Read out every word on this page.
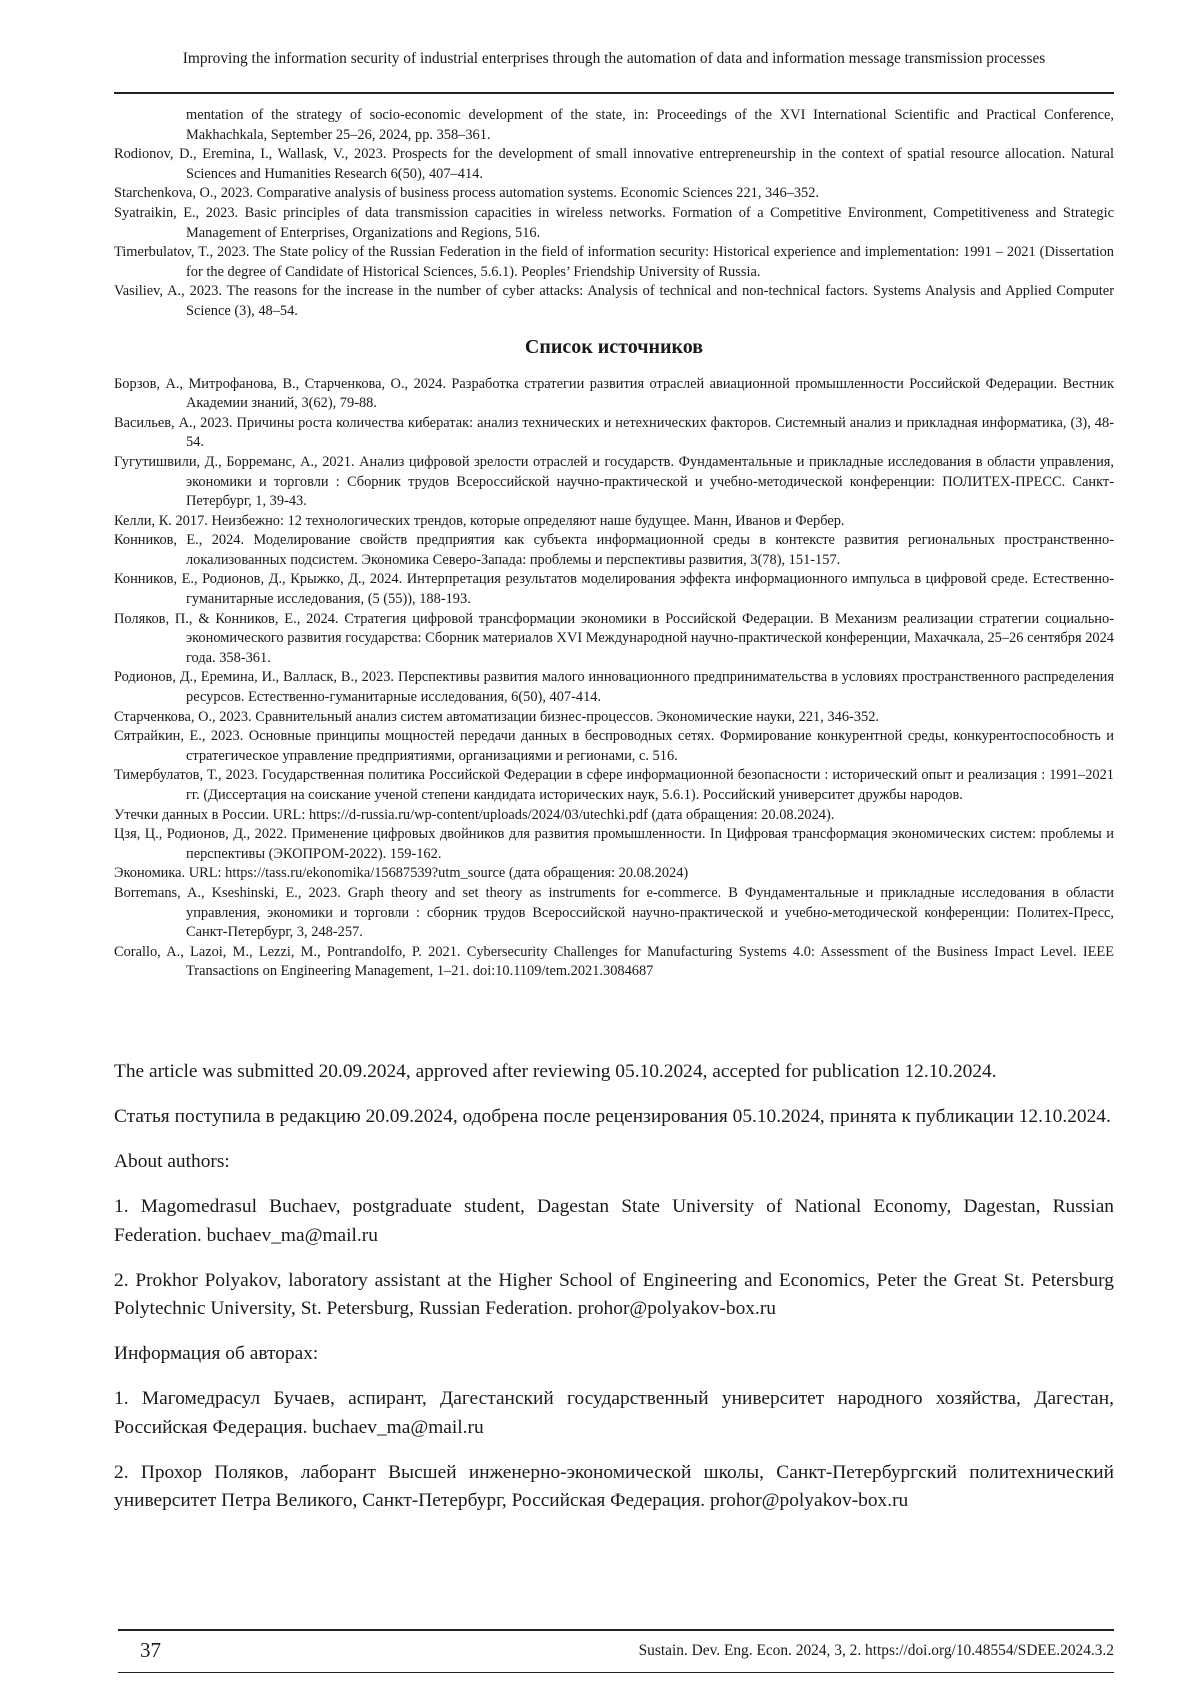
Improving the information security of industrial enterprises through the automation of data and information message transmission processes

mentation of the strategy of socio-economic development of the state, in: Proceedings of the XVI International Scientific and Practical Conference, Makhachkala, September 25–26, 2024, pp. 358–361.

Rodionov, D., Eremina, I., Wallask, V., 2023. Prospects for the development of small innovative entrepreneurship in the context of spatial resource allocation. Natural Sciences and Humanities Research 6(50), 407–414.

Starchenkova, O., 2023. Comparative analysis of business process automation systems. Economic Sciences 221, 346–352.

Syatraikin, E., 2023. Basic principles of data transmission capacities in wireless networks. Formation of a Competitive Environment, Competitiveness and Strategic Management of Enterprises, Organizations and Regions, 516.

Timerbulatov, T., 2023. The State policy of the Russian Federation in the field of information security: Historical experience and implementation: 1991 – 2021 (Dissertation for the degree of Candidate of Historical Sciences, 5.6.1). Peoples’ Friendship University of Russia.

Vasiliev, A., 2023. The reasons for the increase in the number of cyber attacks: Analysis of technical and non-technical factors. Systems Analysis and Applied Computer Science (3), 48–54.

Список источников

Борзов, А., Митрофанова, В., Старченкова, О., 2024. Разработка стратегии развития отраслей авиационной промышленности Российской Федерации. Вестник Академии знаний, 3(62), 79-88.

Васильев, А., 2023. Причины роста количества кибератак: анализ технических и нетехнических факторов. Системный анализ и прикладная информатика, (3), 48-54.

Гугутишвили, Д., Борреманс, А., 2021. Анализ цифровой зрелости отраслей и государств. Фундаментальные и прикладные исследования в области управления, экономики и торговли : Сборник трудов Всероссийской научно-практической и учебно-методической конференции: ПОЛИТЕХ-ПРЕСС. Санкт-Петербург, 1, 39-43.

Келли, К. 2017. Неизбежно: 12 технологических трендов, которые определяют наше будущее. Манн, Иванов и Фербер.

Конников, Е., 2024. Моделирование свойств предприятия как субъекта информационной среды в контексте развития региональных пространственно-локализованных подсистем. Экономика Северо-Запада: проблемы и перспективы развития, 3(78), 151-157.

Конников, Е., Родионов, Д., Крыжко, Д., 2024. Интерпретация результатов моделирования эффекта информационного импульса в цифровой среде. Естественно-гуманитарные исследования, (5 (55)), 188-193.

Поляков, П., & Конников, Е., 2024. Стратегия цифровой трансформации экономики в Российской Федерации. В Механизм реализации стратегии социально-экономического развития государства: Сборник материалов XVI Международной научно-практической конференции, Махачкала, 25–26 сентября 2024 года. 358-361.

Родионов, Д., Еремина, И., Валласк, В., 2023. Перспективы развития малого инновационного предпринимательства в условиях пространственного распределения ресурсов. Естественно-гуманитарные исследования, 6(50), 407-414.

Старченкова, О., 2023. Сравнительный анализ систем автоматизации бизнес-процессов. Экономические науки, 221, 346-352.

Сятрайкин, Е., 2023. Основные принципы мощностей передачи данных в беспроводных сетях. Формирование конкурентной среды, конкурентоспособность и стратегическое управление предприятиями, организациями и регионами, с. 516.

Тимербулатов, Т., 2023. Государственная политика Российской Федерации в сфере информационной безопасности : исторический опыт и реализация : 1991–2021 гг. (Диссертация на соискание ученой степени кандидата исторических наук, 5.6.1). Российский университет дружбы народов.

Утечки данных в России. URL: https://d-russia.ru/wp-content/uploads/2024/03/utechki.pdf (дата обращения: 20.08.2024).

Цзя, Ц., Родионов, Д., 2022. Применение цифровых двойников для развития промышленности. In Цифровая трансформация экономических систем: проблемы и перспективы (ЭКОПРОМ-2022). 159-162.

Экономика. URL: https://tass.ru/ekonomika/15687539?utm_source (дата обращения: 20.08.2024)

Borremans, A., Kseshinski, E., 2023. Graph theory and set theory as instruments for e-commerce. В Фундаментальные и прикладные исследования в области управления, экономики и торговли : сборник трудов Всероссийской научно-практической и учебно-методической конференции: Политех-Пресс, Санкт-Петербург, 3, 248-257.

Corallo, A., Lazoi, M., Lezzi, M., Pontrandolfo, P. 2021. Cybersecurity Challenges for Manufacturing Systems 4.0: Assessment of the Business Impact Level. IEEE Transactions on Engineering Management, 1–21. doi:10.1109/tem.2021.3084687

The article was submitted 20.09.2024, approved after reviewing 05.10.2024, accepted for publication 12.10.2024.

Статья поступила в редакцию 20.09.2024, одобрена после рецензирования 05.10.2024, принята к публикации 12.10.2024.

About authors:

1. Magomedrasul Buchaev, postgraduate student, Dagestan State University of National Economy, Dagestan, Russian Federation. buchaev_ma@mail.ru

2. Prokhor Polyakov, laboratory assistant at the Higher School of Engineering and Economics, Peter the Great St. Petersburg Polytechnic University, St. Petersburg, Russian Federation. prohor@polyakov-box.ru

Информация об авторах:

1. Магомедрасул Бучаев, аспирант, Дагестанский государственный университет народного хозяйства, Дагестан, Российская Федерация. buchaev_ma@mail.ru

2. Прохор Поляков, лаборант Высшей инженерно-экономической школы, Санкт-Петербургский политехнический университет Петра Великого, Санкт-Петербург, Российская Федерация. prohor@polyakov-box.ru

37	Sustain. Dev. Eng. Econ. 2024, 3, 2. https://doi.org/10.48554/SDEE.2024.3.2
